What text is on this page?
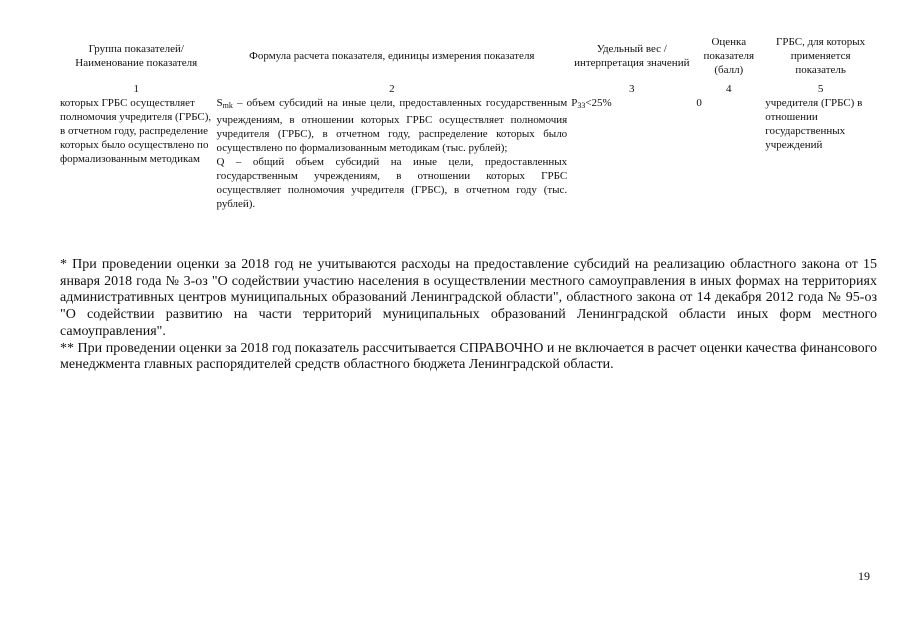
Группа показателей/ Наименование показателя	Формула расчета показателя, единицы измерения показателя	Удельный вес / интерпретация значений	Оценка показателя (балл)	ГРБС, для которых применяется показатель
1	2	3	4	5
которых ГРБС осуществляет полномочия учредителя (ГРБС), в отчетном году, распределение которых было осуществлено по формализованным методикам	$S_{mk}$ – объем субсидий на иные цели, предоставленных государственным учреждениям, в отношении которых ГРБС осуществляет полномочия учредителя (ГРБС), в отчетном году, распределение которых было осуществлено по формализованным методикам (тыс. рублей);
Q – общий объем субсидий на иные цели, предоставленных государственным учреждениям, в отношении которых ГРБС осуществляет полномочия учредителя (ГРБС), в отчетном году (тыс. рублей).	$P_{33}<25\%$	0	учредителя (ГРБС) в отношении государственных учреждений

* При проведении оценки за 2018 год не учитываются расходы на предоставление субсидий на реализацию областного закона от 15 января 2018 года № 3-оз "О содействии участию населения в осуществлении местного самоуправления в иных формах на территориях административных центров муниципальных образований Ленинградской области", областного закона от 14 декабря 2012 года № 95-оз "О содействии развитию на части территорий муниципальных образований Ленинградской области иных форм местного самоуправления".

** При проведении оценки за 2018 год показатель рассчитывается СПРАВОЧНО и не включается в расчет оценки качества финансового менеджмента главных распорядителей средств областного бюджета Ленинградской области.

19
